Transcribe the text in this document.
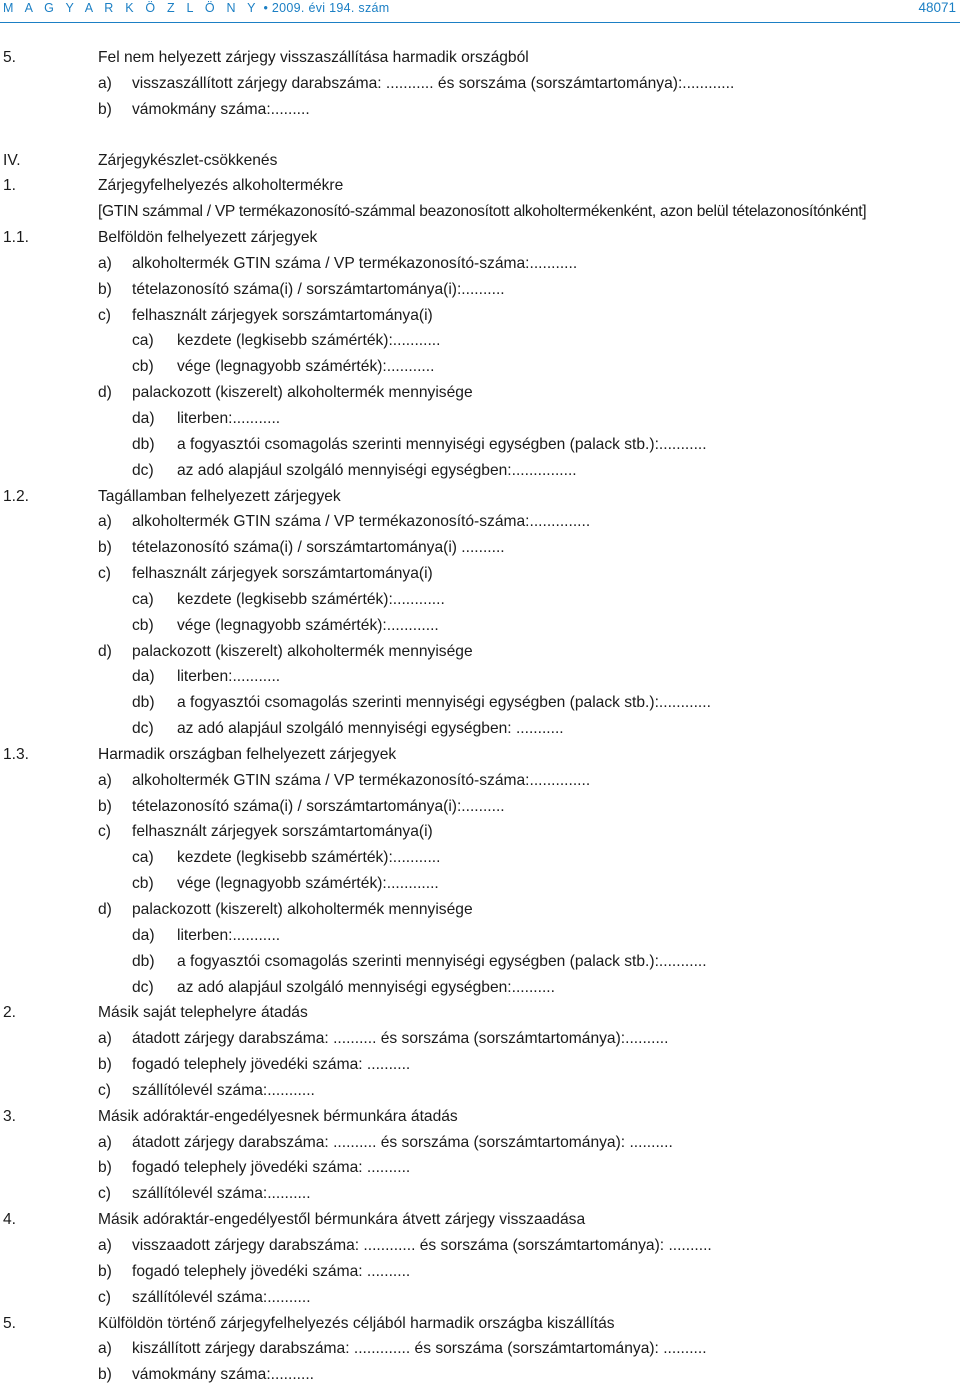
M A G Y A R K Ö Z L Ö N Y • 2009. évi 194. szám	48071
5.	Fel nem helyezett zárjegy visszaszállítása harmadik országból
a) visszaszállított zárjegy darabszáma: ........... és sorszáma (sorszámtartománya):............
b) vámokmány száma:.........
IV.	Zárjegykészlet-csökkenés
1.	Zárjegyfelhelyezés alkoholtermékre
[GTIN számmal / VP termékazonosító-számmal beazonosított alkoholtermékenként, azon belül tételazonosítónként]
1.1.	Belföldön felhelyezett zárjegyek
a) alkoholtermék GTIN száma / VP termékazonosító-száma:...........
b) tételazonosító száma(i) / sorszámtartománya(i):..........
c) felhasznált zárjegyek sorszámtartománya(i)
ca) kezdete (legkisebb számérték):...........
cb) vége (legnagyobb számérték):...........
d) palackozott (kiszerelt) alkoholtermék mennyisége
da) literben:...........
db) a fogyasztói csomagolás szerinti mennyiségi egységben (palack stb.):...........
dc) az adó alapjául szolgáló mennyiségi egységben:...............
1.2.	Tagállamban felhelyezett zárjegyek
a) alkoholtermék GTIN száma / VP termékazonosító-száma:..............
b) tételazonosító száma(i) / sorszámtartománya(i) ..........
c) felhasznált zárjegyek sorszámtartománya(i)
ca) kezdete (legkisebb számérték):............
cb) vége (legnagyobb számérték):............
d) palackozott (kiszerelt) alkoholtermék mennyisége
da) literben:...........
db) a fogyasztói csomagolás szerinti mennyiségi egységben (palack stb.):............
dc) az adó alapjául szolgáló mennyiségi egységben: ...........
1.3.	Harmadik országban felhelyezett zárjegyek
a) alkoholtermék GTIN száma / VP termékazonosító-száma:..............
b) tételazonosító száma(i) / sorszámtartománya(i):..........
c) felhasznált zárjegyek sorszámtartománya(i)
ca) kezdete (legkisebb számérték):...........
cb) vége (legnagyobb számérték):............
d) palackozott (kiszerelt) alkoholtermék mennyisége
da) literben:...........
db) a fogyasztói csomagolás szerinti mennyiségi egységben (palack stb.):...........
dc) az adó alapjául szolgáló mennyiségi egységben:..........
2.	Másik saját telephelyre átadás
a) átadott zárjegy darabszáma: .......... és sorszáma (sorszámtartománya):..........
b) fogadó telephely jövedéki száma: ..........
c) szállítólevél száma:...........
3.	Másik adóraktár-engedélyesnek bérmunkára átadás
a) átadott zárjegy darabszáma: .......... és sorszáma (sorszámtartománya): ..........
b) fogadó telephely jövedéki száma: ..........
c) szállítólevél száma:..........
4.	Másik adóraktár-engedélyestől bérmunkára átvett zárjegy visszaadása
a) visszaadott zárjegy darabszáma: ............ és sorszáma (sorszámtartománya): ..........
b) fogadó telephely jövedéki száma: ..........
c) szállítólevél száma:..........
5.	Külföldön történő zárjegyfelhelyezés céljából harmadik országba kiszállítás
a) kiszállított zárjegy darabszáma: ............. és sorszáma (sorszámtartománya): ..........
b) vámokmány száma:..........
